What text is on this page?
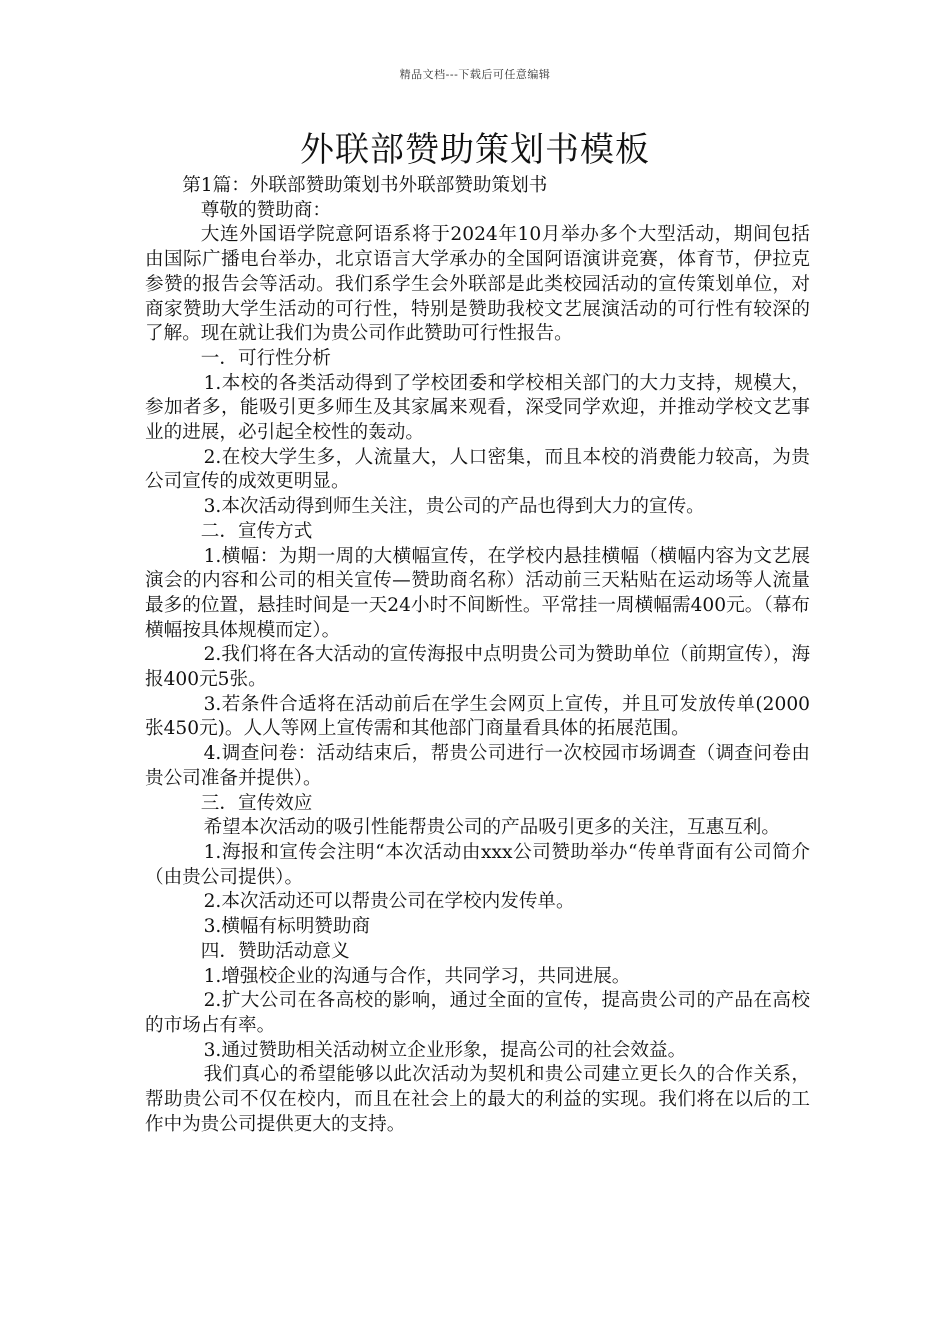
精品文档---下载后可任意编辑
外联部赞助策划书模板

第1篇：外联部赞助策划书外联部赞助策划书

尊敬的赞助商：

大连外国语学院意阿语系将于2024年10月举办多个大型活动，期间包括由国际广播电台举办，北京语言大学承办的全国阿语演讲竞赛，体育节，伊拉克参赞的报告会等活动。我们系学生会外联部是此类校园活动的宣传策划单位，对商家赞助大学生活动的可行性，特别是赞助我校文艺展演活动的可行性有较深的了解。现在就让我们为贵公司作此赞助可行性报告。

一．可行性分析

1.本校的各类活动得到了学校团委和学校相关部门的大力支持，规模大，参加者多，能吸引更多师生及其家属来观看，深受同学欢迎，并推动学校文艺事业的进展，必引起全校性的轰动。

2.在校大学生多，人流量大，人口密集，而且本校的消费能力较高，为贵公司宣传的成效更明显。

3.本次活动得到师生关注，贵公司的产品也得到大力的宣传。

二．宣传方式

1.横幅：为期一周的大横幅宣传，在学校内悬挂横幅（横幅内容为文艺展演会的内容和公司的相关宣传—赞助商名称）活动前三天粘贴在运动场等人流量最多的位置，悬挂时间是一天24小时不间断性。平常挂一周横幅需400元。（幕布横幅按具体规模而定）。

2.我们将在各大活动的宣传海报中点明贵公司为赞助单位（前期宣传），海报400元5张。

3.若条件合适将在活动前后在学生会网页上宣传，并且可发放传单(2000张450元)。人人等网上宣传需和其他部门商量看具体的拓展范围。

4.调查问卷：活动结束后，帮贵公司进行一次校园市场调查（调查问卷由贵公司准备并提供）。

三．宣传效应

希望本次活动的吸引性能帮贵公司的产品吸引更多的关注，互惠互利。

1.海报和宣传会注明“本次活动由xxx公司赞助举办“传单背面有公司简介（由贵公司提供）。

2.本次活动还可以帮贵公司在学校内发传单。

3.横幅有标明赞助商

四．赞助活动意义

1.增强校企业的沟通与合作，共同学习，共同进展。

2.扩大公司在各高校的影响，通过全面的宣传，提高贵公司的产品在高校的市场占有率。

3.通过赞助相关活动树立企业形象，提高公司的社会效益。

我们真心的希望能够以此次活动为契机和贵公司建立更长久的合作关系，帮助贵公司不仅在校内，而且在社会上的最大的利益的实现。我们将在以后的工作中为贵公司提供更大的支持。
